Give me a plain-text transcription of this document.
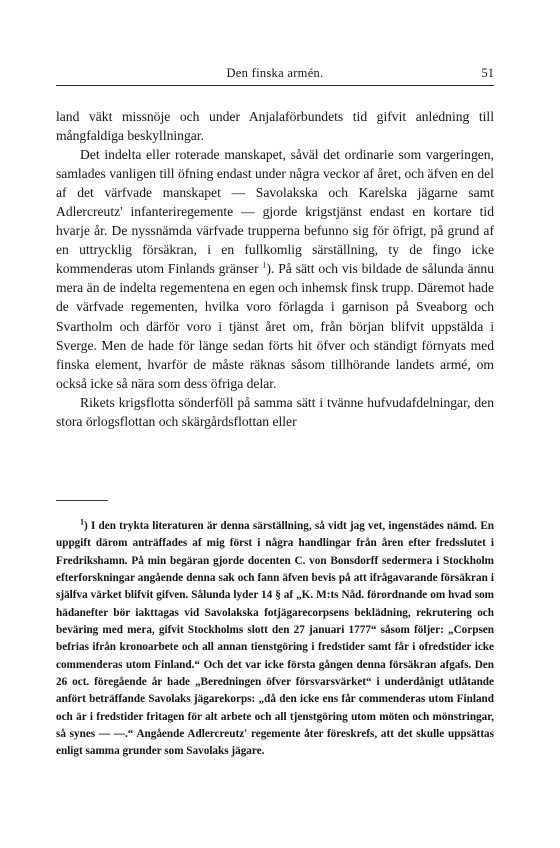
Den finska armén.	51

land väkt missnöje och under Anjalaförbundets tid gifvit anledning till mångfaldiga beskyllningar.

Det indelta eller roterade manskapet, såväl det ordinarie som vargeringen, samlades vanligen till öfning endast under några veckor af året, och äfven en del af det värfvade manskapet — Savolakska och Karelska jägarne samt Adlercreutz' infanteriregemente — gjorde krigstjänst endast en kortare tid hvarje år. De nyssnämda värfvade trupperna befunno sig för öfrigt, på grund af en uttrycklig försäkran, i en fullkomlig särställning, ty de fingo icke kommenderas utom Finlands gränser $^1$). På sätt och vis bildade de sålunda ännu mera än de indelta regementena en egen och inhemsk finsk trupp. Däremot hade de värfvade regementen, hvilka voro förlagda i garnison på Sveaborg och Svartholm och därför voro i tjänst året om, från början blifvit uppstälda i Sverge. Men de hade för länge sedan förts hit öfver och ständigt förnyats med finska element, hvarför de måste räknas såsom tillhörande landets armé, om också icke så nära som dess öfriga delar.

Rikets krigsflotta sönderföll på samma sätt i tvänne hufvudafdelningar, den stora örlogsflottan och skärgårdsflottan eller

$^1$) I den trykta literaturen är denna särställning, så vidt jag vet, ingenstädes nämd. En uppgift därom anträffades af mig först i några handlingar från åren efter fredsslutet i Fredrikshamn. På min begäran gjorde docenten C. von Bonsdorff sedermera i Stockholm efterforskningar angående denna sak och fann äfven bevis på att ifrågavarande försäkran i själfva värket blifvit gifven. Sålunda lyder 14 § af „K. M:ts Nåd. förordnande om hvad som hädanefter bör iakttagas vid Savolakska fotjägarecorpsens beklädning, rekrutering och beväring med mera, gifvit Stockholms slott den 27 januari 1777“ såsom följer: „Corpsen befrias ifrån kronoarbete och all annan tienstgöring i fredstider samt får i ofredstider icke commenderas utom Finland.“ Och det var icke första gången denna försäkran afgafs. Den 26 oct. föregående år hade „Beredningen öfver försvarsvärket“ i underdånigt utlåtande anfört beträffande Savolaks jägarekorps: „då den icke ens får commenderas utom Finland och är i fredstider fritagen för alt arbete och all tjenstgöring utom möten och mönstringar, så synes — —.“ Angående Adlercreutz' regemente åter föreskrefs, att det skulle uppsättas enligt samma grunder som Savolaks jägare.
